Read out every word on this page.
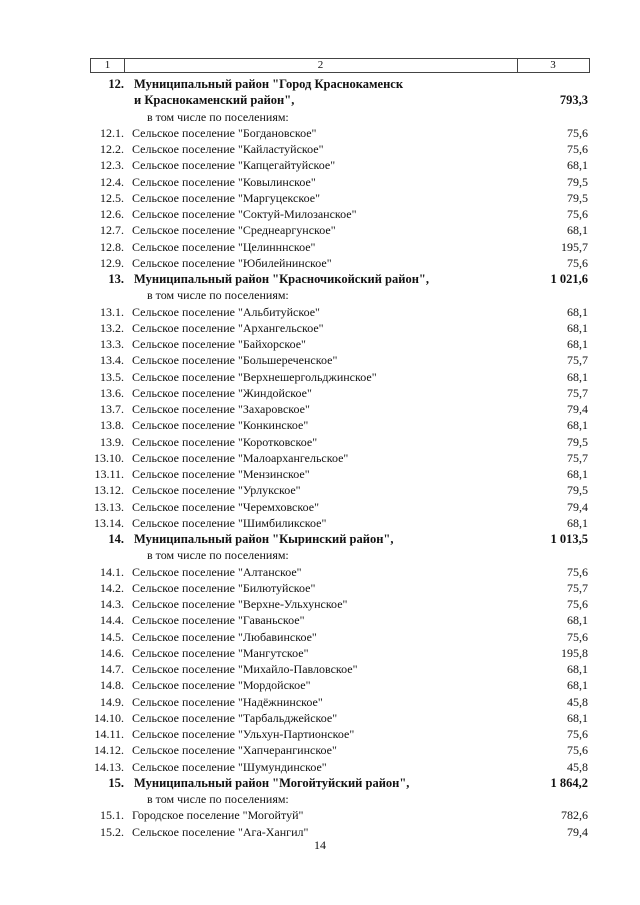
1	2	3
12. Муниципальный район "Город Краснокаменск
и Краснокаменский район",	793,3
в том числе по поселениям:
12.1. Сельское поселение "Богдановское"	75,6
12.2. Сельское поселение "Кайластуйское"	75,6
12.3. Сельское поселение "Капцегайтуйское"	68,1
12.4. Сельское поселение "Ковылинское"	79,5
12.5. Сельское поселение "Маргуцекское"	79,5
12.6. Сельское поселение "Соктуй-Милозанское"	75,6
12.7. Сельское поселение "Среднеаргунское"	68,1
12.8. Сельское поселение "Целинннское"	195,7
12.9. Сельское поселение "Юбилейнинское"	75,6
13. Муниципальный район "Красночикойский район",	1 021,6
в том числе по поселениям:
13.1. Сельское поселение "Альбитуйское"	68,1
13.2. Сельское поселение "Архангельское"	68,1
13.3. Сельское поселение "Байхорское"	68,1
13.4. Сельское поселение "Большереченское"	75,7
13.5. Сельское поселение "Верхнешергольджинское"	68,1
13.6. Сельское поселение "Жиндойское"	75,7
13.7. Сельское поселение "Захаровское"	79,4
13.8. Сельское поселение "Конкинское"	68,1
13.9. Сельское поселение "Коротковское"	79,5
13.10. Сельское поселение "Малоархангельское"	75,7
13.11. Сельское поселение "Мензинское"	68,1
13.12. Сельское поселение "Урлукское"	79,5
13.13. Сельское поселение "Черемховское"	79,4
13.14. Сельское поселение "Шимбиликское"	68,1
14. Муниципальный район "Кыринский район",	1 013,5
в том числе по поселениям:
14.1. Сельское поселение "Алтанское"	75,6
14.2. Сельское поселение "Билютуйское"	75,7
14.3. Сельское поселение "Верхне-Ульхунское"	75,6
14.4. Сельское поселение "Гаваньское"	68,1
14.5. Сельское поселение "Любавинское"	75,6
14.6. Сельское поселение "Мангутское"	195,8
14.7. Сельское поселение "Михайло-Павловское"	68,1
14.8. Сельское поселение "Мордойское"	68,1
14.9. Сельское поселение "Надёжнинское"	45,8
14.10. Сельское поселение "Тарбальджейское"	68,1
14.11. Сельское поселение "Ульхун-Партионское"	75,6
14.12. Сельское поселение "Хапчерангинское"	75,6
14.13. Сельское поселение "Шумундинское"	45,8
15. Муниципальный район "Могойтуйский район",	1 864,2
в том числе по поселениям:
15.1. Городское поселение "Могойтуй"	782,6
15.2. Сельское поселение "Ага-Хангил"	79,4
14
